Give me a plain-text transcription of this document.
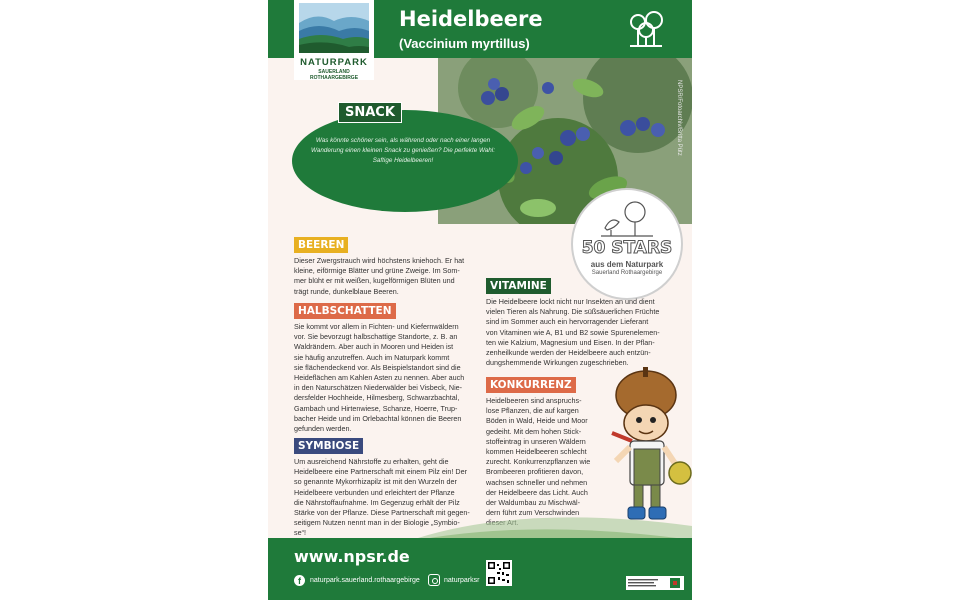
NATURPARK
SAUERLAND ROTHAARGEBIRGE
Heidelbeere
(Vaccinium myrtillus)
NPSR/Fotoarchiv/Britta Pütz
SNACK
Was könnte schöner sein, als während oder nach einer langen Wanderung einen kleinen Snack zu genießen? Die perfekte Wahl: Saftige Heidelbeeren!
50 STARS
aus dem Naturpark
Sauerland Rothaargebirge
BEEREN
Dieser Zwergstrauch wird höchstens kniehoch. Er hat
kleine, eiförmige Blätter und grüne Zweige. Im Som-
mer blüht er mit weißen, kugelförmigen Blüten und
trägt runde, dunkelblaue Beeren.
HALBSCHATTEN
Sie kommt vor allem in Fichten- und Kiefernwäldern
vor. Sie bevorzugt halbschattige Standorte, z. B. an
Waldrändern. Aber auch in Mooren und Heiden ist
sie häufig anzutreffen. Auch im Naturpark kommt
sie flächendeckend vor. Als Beispielstandort sind die
Heideflächen am Kahlen Asten zu nennen. Aber auch
in den Naturschätzen Niederwälder bei Visbeck, Nie-
dersfelder Hochheide, Hilmesberg, Schwarzbachtal,
Gambach und Hirtenwiese, Schanze, Hoerre, Trup-
bacher Heide und im Orlebachtal können die Beeren
gefunden werden.
SYMBIOSE
Um ausreichend Nährstoffe zu erhalten, geht die
Heidelbeere eine Partnerschaft mit einem Pilz ein! Der
so genannte Mykorrhizapilz ist mit den Wurzeln der
Heidelbeere verbunden und erleichtert der Pflanze
die Nährstoffaufnahme. Im Gegenzug erhält der Pilz
Stärke von der Pflanze. Diese Partnerschaft mit gegen-
seitigem Nutzen nennt man in der Biologie „Symbio-
se“!
VITAMINE
Die Heidelbeere lockt nicht nur Insekten an und dient
vielen Tieren als Nahrung. Die süßsäuerlichen Früchte
sind im Sommer auch ein hervorragender Lieferant
von Vitaminen wie A, B1 und B2 sowie Spurenelemen-
ten wie Kalzium, Magnesium und Eisen. In der Pflan-
zenheilkunde werden der Heidelbeere auch entzün-
dungshemmende Wirkungen zugeschrieben.
KONKURRENZ
Heidelbeeren sind anspruchs-
lose Pflanzen, die auf kargen
Böden in Wald, Heide und Moor
gedeiht. Mit dem hohen Stick-
stoffeintrag in unseren Wäldern
kommen Heidelbeeren schlecht
zurecht. Konkurrenzpflanzen wie
Brombeeren profitieren davon,
wachsen schneller und nehmen
der Heidelbeere das Licht. Auch
der Waldumbau zu Mischwäl-
dern führt zum Verschwinden
www.npsr.de
f	naturpark.sauerland.rothaargebirge	naturparksr
